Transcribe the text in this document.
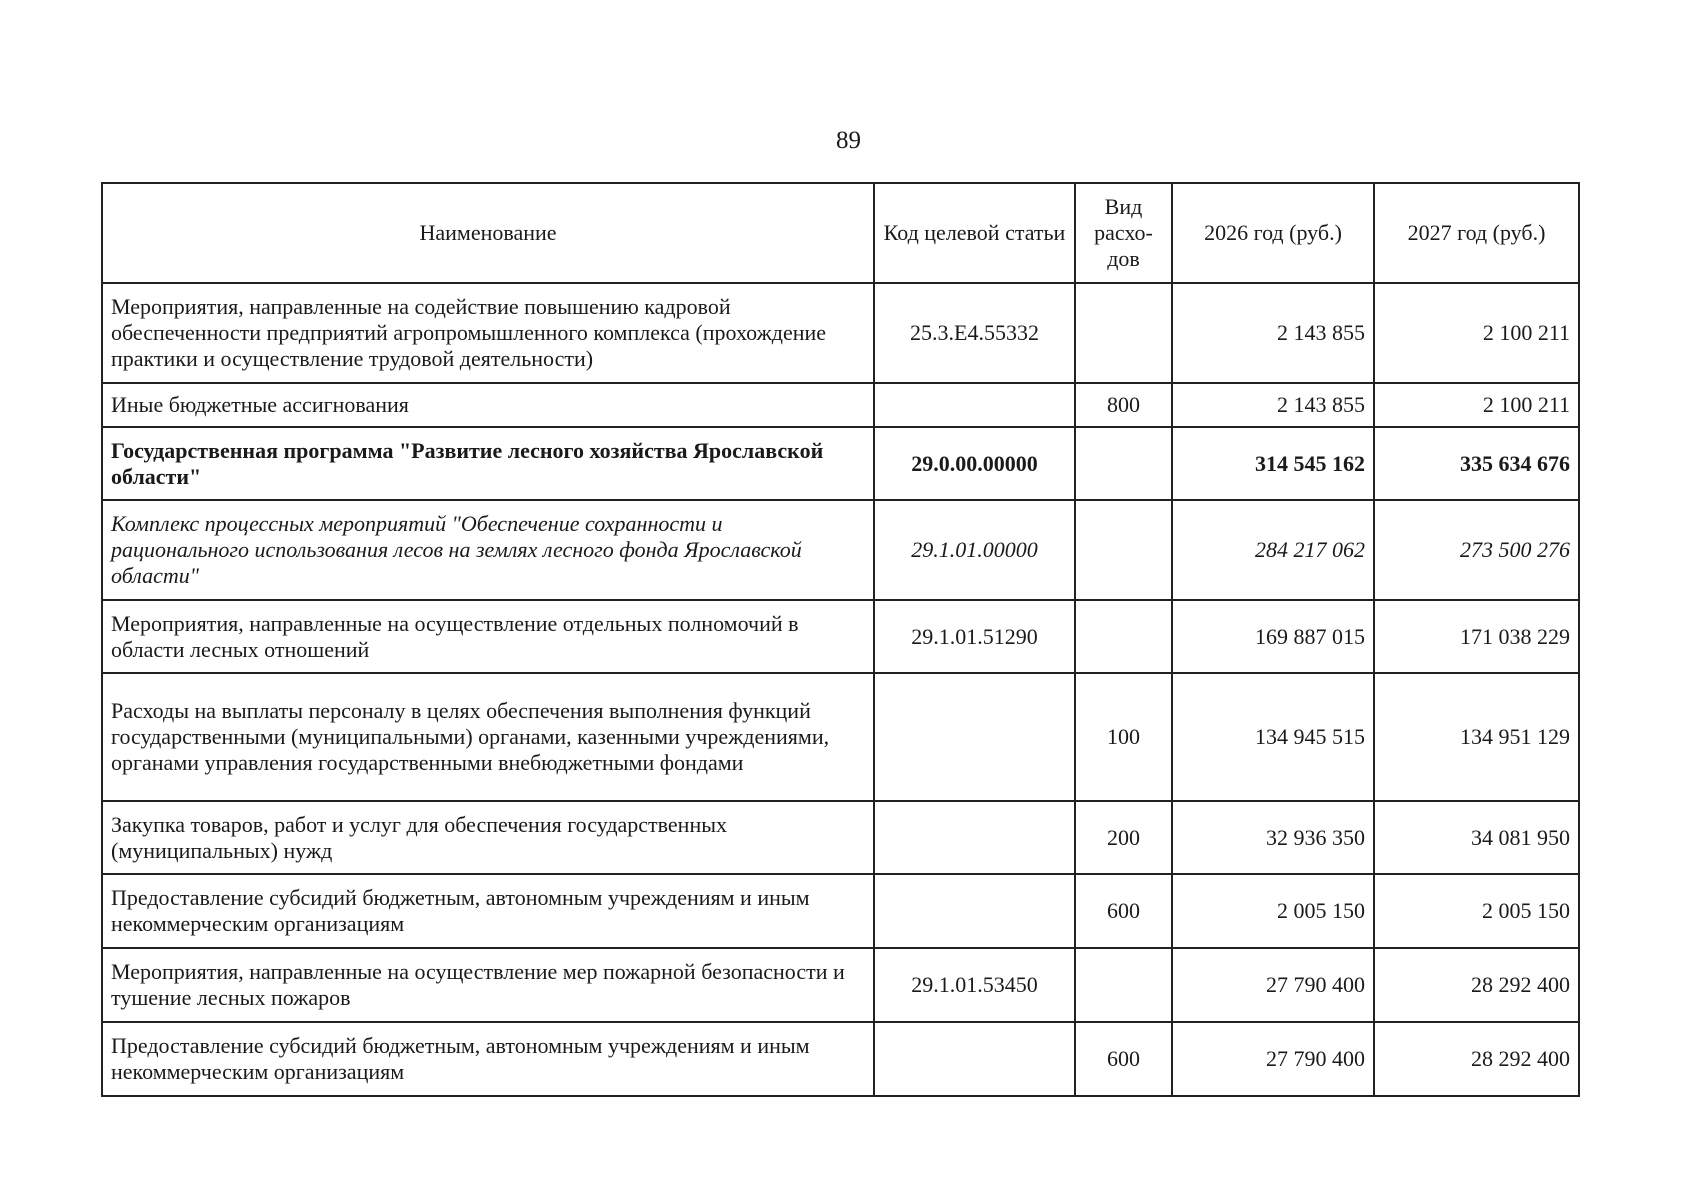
89
Наименование	Код целевой статьи	Вид расхо-дов	2026 год (руб.)	2027 год (руб.)
Мероприятия, направленные на содействие повышению кадровой обеспеченности предприятий агропромышленного комплекса (прохождение практики и осуществление трудовой деятельности)	25.3.Е4.55332		2 143 855	2 100 211
Иные бюджетные ассигнования		800	2 143 855	2 100 211
Государственная программа "Развитие лесного хозяйства Ярославской области"	29.0.00.00000		314 545 162	335 634 676
Комплекс процессных мероприятий "Обеспечение сохранности и рационального использования лесов на землях лесного фонда Ярославской области"	29.1.01.00000		284 217 062	273 500 276
Мероприятия, направленные на осуществление отдельных полномочий в области лесных отношений	29.1.01.51290		169 887 015	171 038 229
Расходы на выплаты персоналу в целях обеспечения выполнения функций государственными (муниципальными) органами, казенными учреждениями, органами управления государственными внебюджетными фондами		100	134 945 515	134 951 129
Закупка товаров, работ и услуг для обеспечения государственных (муниципальных) нужд		200	32 936 350	34 081 950
Предоставление субсидий бюджетным, автономным учреждениям и иным некоммерческим организациям		600	2 005 150	2 005 150
Мероприятия, направленные на осуществление мер пожарной безопасности и тушение лесных пожаров	29.1.01.53450		27 790 400	28 292 400
Предоставление субсидий бюджетным, автономным учреждениям и иным некоммерческим организациям		600	27 790 400	28 292 400
